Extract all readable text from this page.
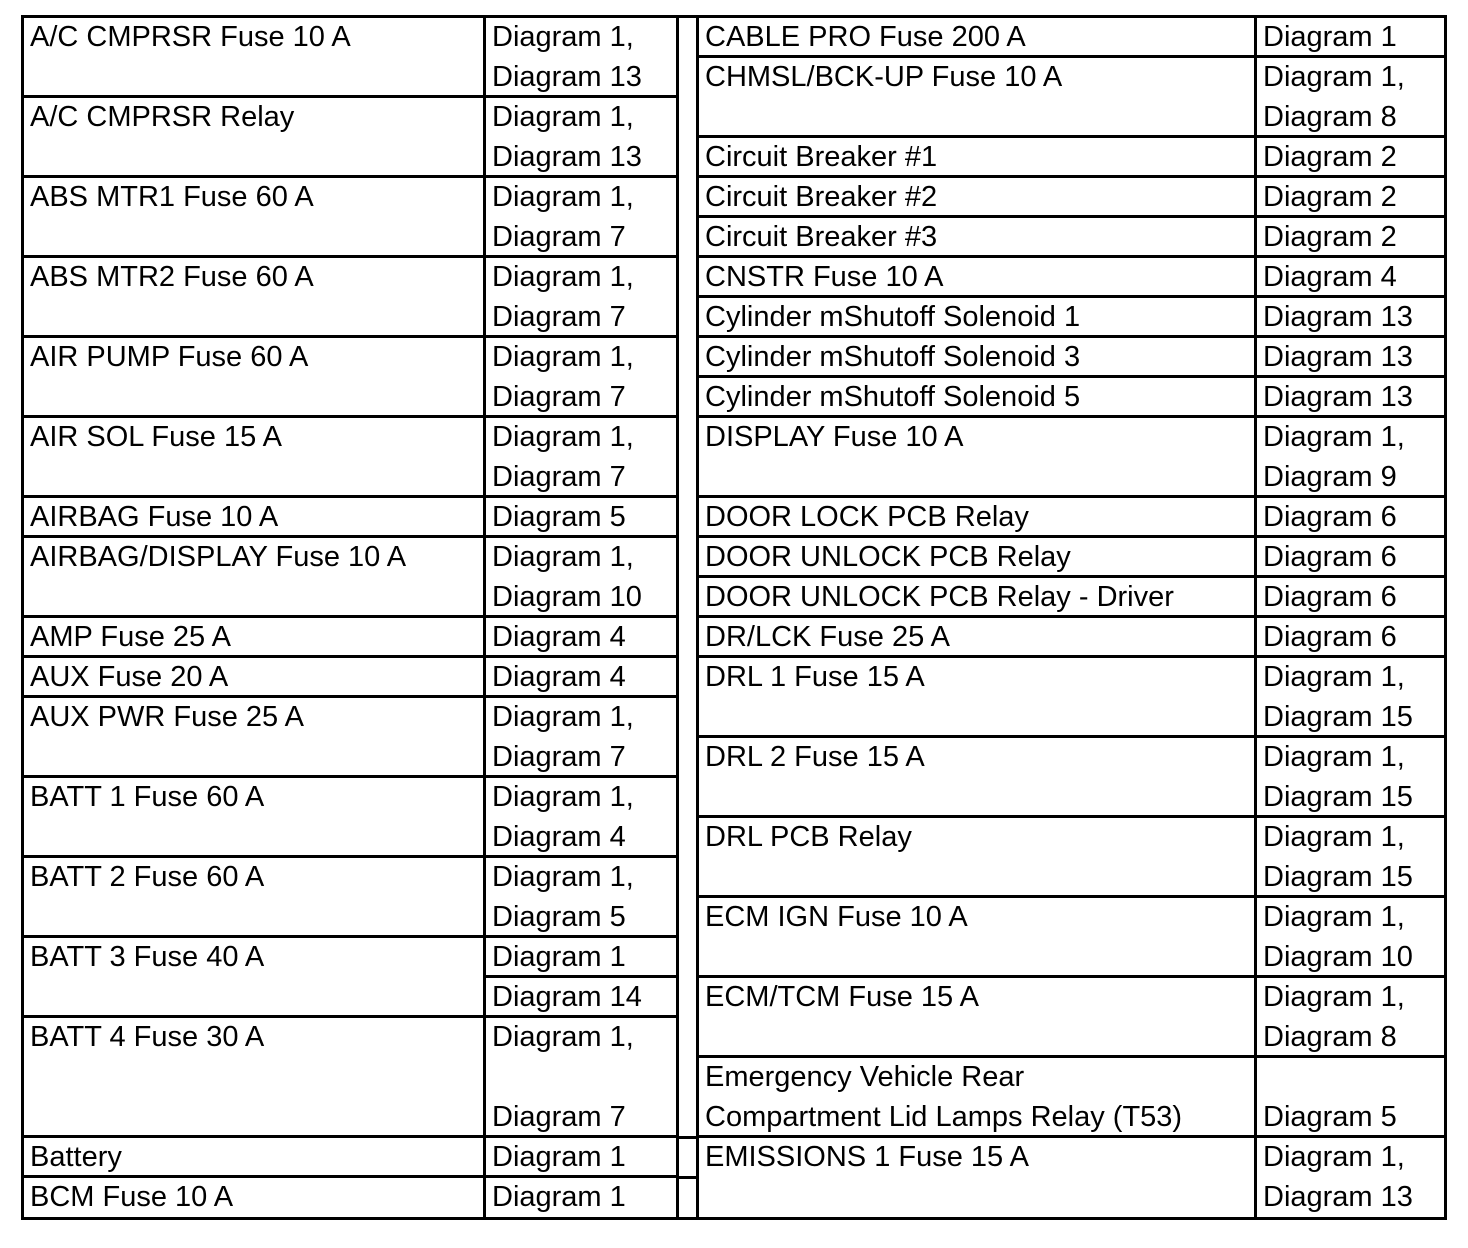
A/C CMPRSR Fuse 10 A
A/C CMPRSR Relay
ABS MTR1 Fuse 60 A
ABS MTR2 Fuse 60 A
AIR PUMP Fuse 60 A
AIR SOL Fuse 15 A
AIRBAG Fuse 10 A
AIRBAG/DISPLAY Fuse 10 A
AMP Fuse 25 A
AUX Fuse 20 A
AUX PWR Fuse 25 A
BATT 1 Fuse 60 A
BATT 2 Fuse 60 A
BATT 3 Fuse 40 A
BATT 4 Fuse 30 A
Battery
BCM Fuse 10 A
Diagram 1,
Diagram 13
Diagram 1,
Diagram 13
Diagram 1,
Diagram 7
Diagram 1,
Diagram 7
Diagram 1,
Diagram 7
Diagram 1,
Diagram 7
Diagram 5
Diagram 1,
Diagram 10
Diagram 4
Diagram 4
Diagram 1,
Diagram 7
Diagram 1,
Diagram 4
Diagram 1,
Diagram 5
Diagram 1
Diagram 14
Diagram 1,
Diagram 7
Diagram 1
Diagram 1
CABLE PRO Fuse 200 A
CHMSL/BCK-UP Fuse 10 A
Circuit Breaker #1
Circuit Breaker #2
Circuit Breaker #3
CNSTR Fuse 10 A
Cylinder mShutoff Solenoid 1
Cylinder mShutoff Solenoid 3
Cylinder mShutoff Solenoid 5
DISPLAY Fuse 10 A
DOOR LOCK PCB Relay
DOOR UNLOCK PCB Relay
DOOR UNLOCK PCB Relay - Driver
DR/LCK Fuse 25 A
DRL 1 Fuse 15 A
DRL 2 Fuse 15 A
DRL PCB Relay
ECM IGN Fuse 10 A
ECM/TCM Fuse 15 A
Emergency Vehicle Rear
Compartment Lid Lamps Relay (T53)
EMISSIONS 1 Fuse 15 A
Diagram 1
Diagram 1,
Diagram 8
Diagram 2
Diagram 2
Diagram 2
Diagram 4
Diagram 13
Diagram 13
Diagram 13
Diagram 1,
Diagram 9
Diagram 6
Diagram 6
Diagram 6
Diagram 6
Diagram 1,
Diagram 15
Diagram 1,
Diagram 15
Diagram 1,
Diagram 15
Diagram 1,
Diagram 10
Diagram 1,
Diagram 8
Diagram 5
Diagram 1,
Diagram 13
